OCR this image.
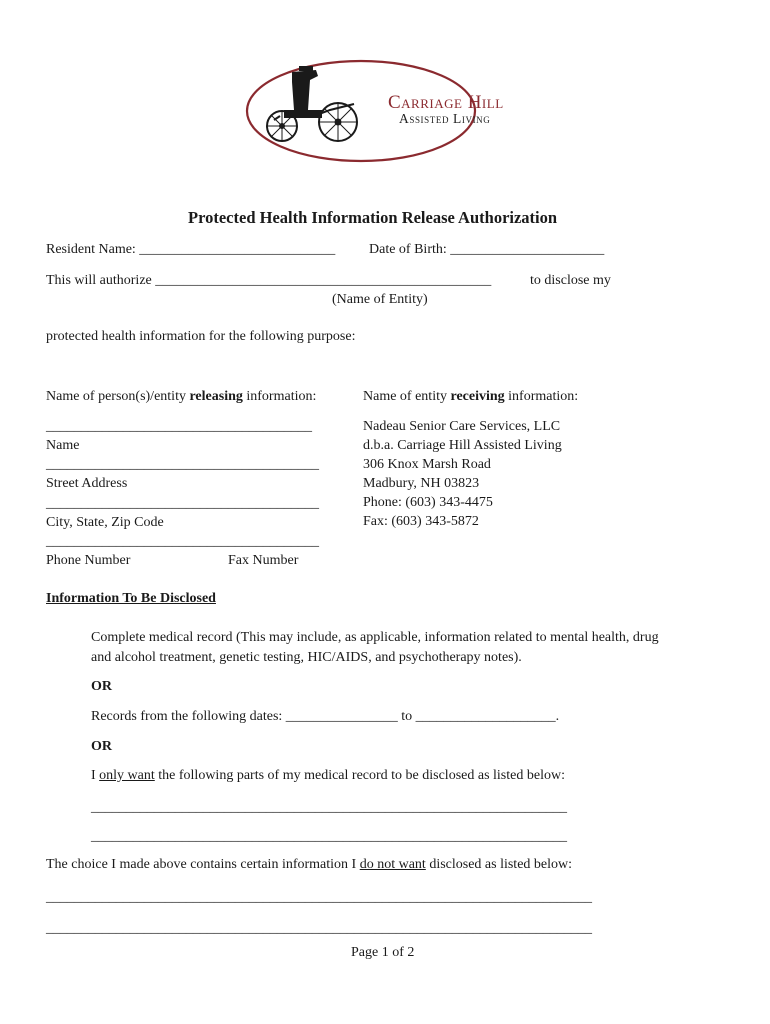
Carriage Hill
Assisted Living
Protected Health Information Release Authorization
Resident Name: ____________________________ Date of Birth: ______________________
This will authorize ________________________________________________	to disclose my
(Name of Entity)
protected health information for the following purpose:
Name of person(s)/entity releasing information:
______________________________________
Name
_______________________________________
Street Address
_______________________________________
City, State, Zip Code
_______________________________________
Phone Number	Fax Number
Name of entity receiving information:
Nadeau Senior Care Services, LLC
d.b.a. Carriage Hill Assisted Living
306 Knox Marsh Road
Madbury, NH 03823
Phone: (603) 343-4475
Fax: (603) 343-5872
Information To Be Disclosed
Complete medical record (This may include, as applicable, information related to mental health, drug
and alcohol treatment, genetic testing, HIC/AIDS, and psychotherapy notes).
OR
Records from the following dates: ________________ to ____________________.
OR
I only want the following parts of my medical record to be disclosed as listed below:
____________________________________________________________________
____________________________________________________________________
The choice I made above contains certain information I do not want disclosed as listed below:
______________________________________________________________________________
______________________________________________________________________________
Page 1 of 2
